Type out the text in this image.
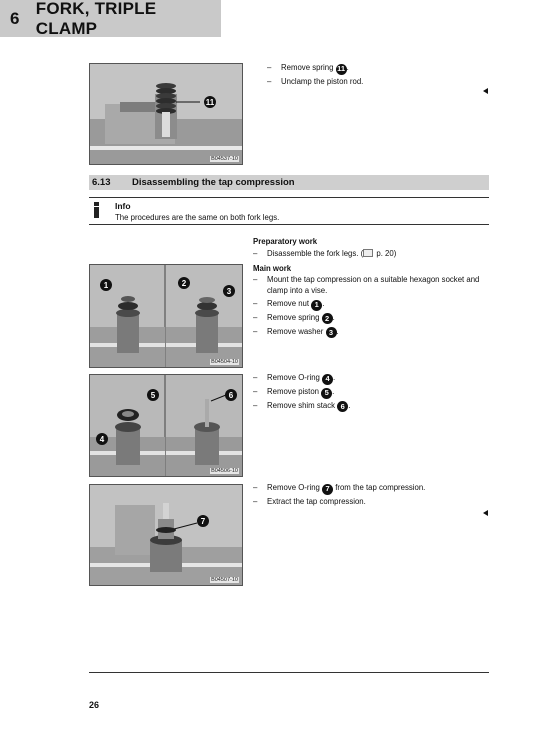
6
FORK, TRIPLE CLAMP
11
B04537-10
–	Remove spring 11 .
–	Unclamp the piston rod.
6.13	Disassembling the tap compression
Info
The procedures are the same on both fork legs.
1	2
3
B04504-10
Preparatory work
–	Disassemble the fork legs. ( p. 20)
Main work
–	Mount the tap compression on a suitable hexagon socket and clamp into a vise.
–	Remove nut 1 .
–	Remove spring 2 .
–	Remove washer 3 .
5	6
4
B04506-10
–	Remove O-ring 4 .
–	Remove piston 5 .
–	Remove shim stack 6 .
7
B04507-10
–	Remove O-ring 7 from the tap compression.
–	Extract the tap compression.
26
